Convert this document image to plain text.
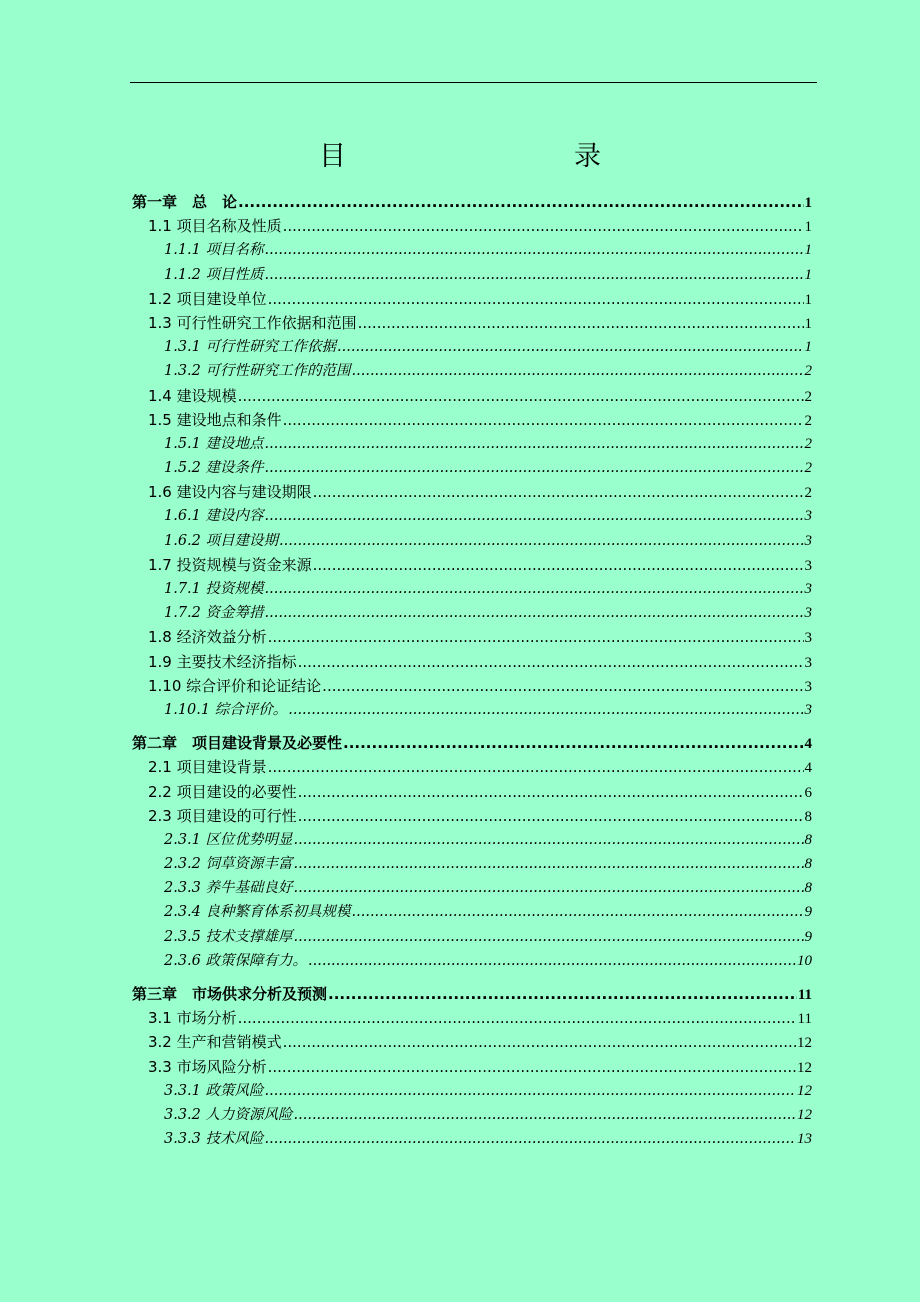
目　　录
第一章　总　论 .....	1
1.1 项目名称及性质 .....	1
1.1.1 项目名称 .....	1
1.1.2 项目性质 .....	1
1.2 项目建设单位 .....	1
1.3 可行性研究工作依据和范围 .....	1
1.3.1 可行性研究工作依据 .....	1
1.3.2 可行性研究工作的范围 .....	2
1.4 建设规模 .....	2
1.5 建设地点和条件 .....	2
1.5.1 建设地点 .....	2
1.5.2 建设条件 .....	2
1.6 建设内容与建设期限 .....	2
1.6.1 建设内容 .....	3
1.6.2 项目建设期 .....	3
1.7 投资规模与资金来源 .....	3
1.7.1 投资规模 .....	3
1.7.2 资金筹措 .....	3
1.8 经济效益分析 .....	3
1.9 主要技术经济指标 .....	3
1.10 综合评价和论证结论 .....	3
1.10.1 综合评价。 .....	3
第二章　项目建设背景及必要性 .....	4
2.1 项目建设背景 .....	4
2.2 项目建设的必要性 .....	6
2.3 项目建设的可行性 .....	8
2.3.1 区位优势明显 .....	8
2.3.2 饲草资源丰富 .....	8
2.3.3 养牛基础良好 .....	8
2.3.4 良种繁育体系初具规模 .....	9
2.3.5 技术支撑雄厚 .....	9
2.3.6 政策保障有力。 .....	10
第三章　市场供求分析及预测 .....	11
3.1 市场分析 .....	11
3.2 生产和营销模式 .....	12
3.3 市场风险分析 .....	12
3.3.1 政策风险 .....	12
3.3.2 人力资源风险 .....	12
3.3.3 技术风险 .....	13
